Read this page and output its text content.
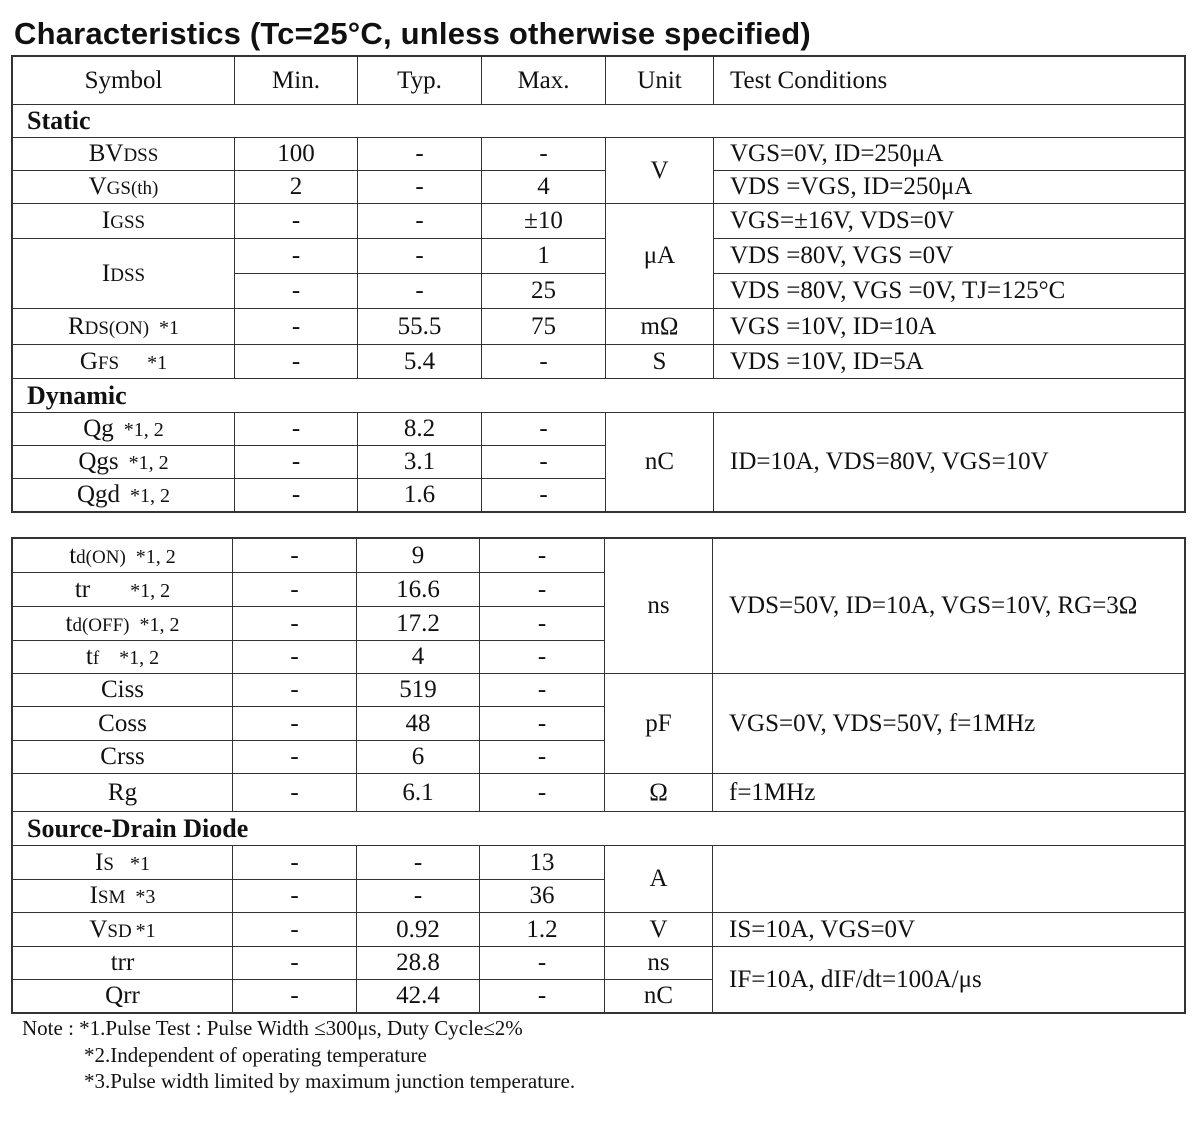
Characteristics (Tc=25°C, unless otherwise specified)
Symbol	Min.	Typ.	Max.	Unit	Test Conditions
Static					
BVDSS	100	-	-	V	VGS=0V, ID=250μA
VGS(th)	2	-	4		VDS =VGS, ID=250μA
IGSS	-	-	±10	μA	VGS=±16V, VDS=0V
IDSS	-	-	1		VDS =80V, VGS =0V
	-	-	25		VDS =80V, VGS =0V, TJ=125°C
RDS(ON) *1	-	55.5	75	mΩ	VGS =10V, ID=10A
GFS *1	-	5.4	-	S	VDS =10V, ID=5A
Dynamic					
Qg *1, 2	-	8.2	-	nC	ID=10A, VDS=80V, VGS=10V
Qgs *1, 2	-	3.1	-		
Qgd *1, 2	-	1.6	-		
td(ON) *1, 2	-	9	-	ns	VDS=50V, ID=10A, VGS=10V, RG=3Ω
tr *1, 2	-	16.6	-		
td(OFF) *1, 2	-	17.2	-		
tf *1, 2	-	4	-		
Ciss	-	519	-	pF	VGS=0V, VDS=50V, f=1MHz
Coss	-	48	-		
Crss	-	6	-		
Rg	-	6.1	-	Ω	f=1MHz
Source-Drain Diode					
IS *1	-	-	13	A	
ISM *3	-	-	36		
VSD *1	-	0.92	1.2	V	IS=10A, VGS=0V
trr	-	28.8	-	ns	IF=10A, dIF/dt=100A/μs
Qrr	-	42.4	-	nC	
Note : *1.Pulse Test : Pulse Width ≤300μs, Duty Cycle≤2%
*2.Independent of operating temperature
*3.Pulse width limited by maximum junction temperature.
